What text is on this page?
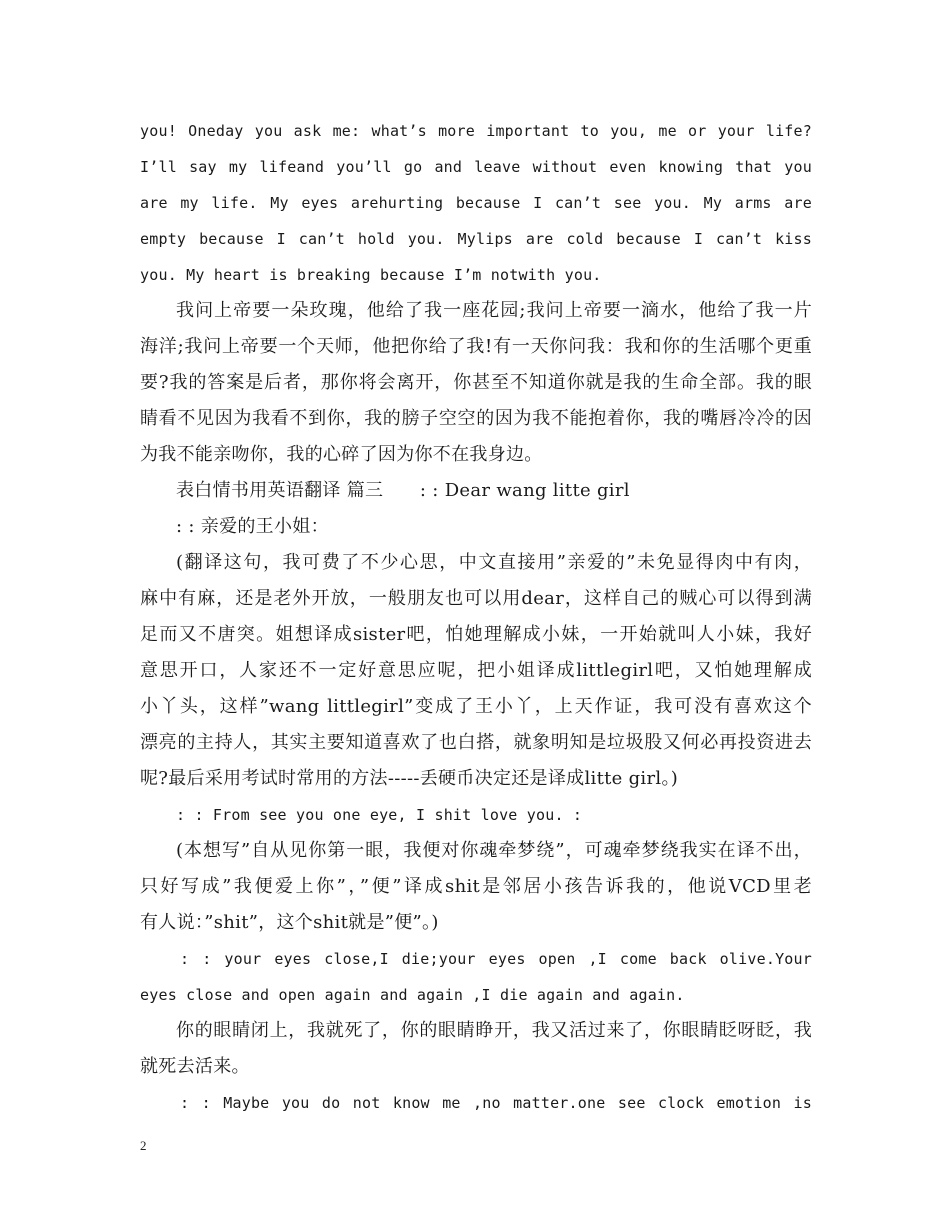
you! Oneday you ask me: what’s more important to you, me or your life?
I’ll say my lifeand you’ll go and leave without even knowing that you
are my life. My eyes arehurting because I can’t see you. My arms are
empty because I can’t hold you. Mylips are cold because I can’t kiss
you. My heart is breaking because I’m notwith you.
我问上帝要一朵玫瑰，他给了我一座花园;我问上帝要一滴水，他给了我一片
海洋;我问上帝要一个天师，他把你给了我!有一天你问我：我和你的生活哪个更重
要?我的答案是后者，那你将会离开，你甚至不知道你就是我的生命全部。我的眼
睛看不见因为我看不到你，我的膀子空空的因为我不能抱着你，我的嘴唇冷冷的因
为我不能亲吻你，我的心碎了因为你不在我身边。
表白情书用英语翻译 篇三　　: : Dear wang litte girl
: : 亲爱的王小姐：
(翻译这句，我可费了不少心思，中文直接用”亲爱的”未免显得肉中有肉，
麻中有麻，还是老外开放，一般朋友也可以用dear，这样自己的贼心可以得到满
足而又不唐突。姐想译成sister吧，怕她理解成小妹，一开始就叫人小妹，我好
意思开口，人家还不一定好意思应呢，把小姐译成littlegirl吧，又怕她理解成
小丫头，这样”wang littlegirl”变成了王小丫，上天作证，我可没有喜欢这个
漂亮的主持人，其实主要知道喜欢了也白搭，就象明知是垃圾股又何必再投资进去
呢?最后采用考试时常用的方法-----丢硬币决定还是译成litte girl。)
: : From see you one eye, I shit love you. :
(本想写”自从见你第一眼，我便对你魂牵梦绕”，可魂牵梦绕我实在译不出，
只好写成”我便爱上你”，”便”译成shit是邻居小孩告诉我的，他说VCD里老
有人说：”shit”，这个shit就是”便”。)
: : your eyes close,I die;your eyes open ,I come back olive.Your
eyes close and open again and again ,I die again and again.
你的眼睛闭上，我就死了，你的眼睛睁开，我又活过来了，你眼睛眨呀眨，我
就死去活来。
: : Maybe you do not know me ,no matter.one see clock emotion is
2
